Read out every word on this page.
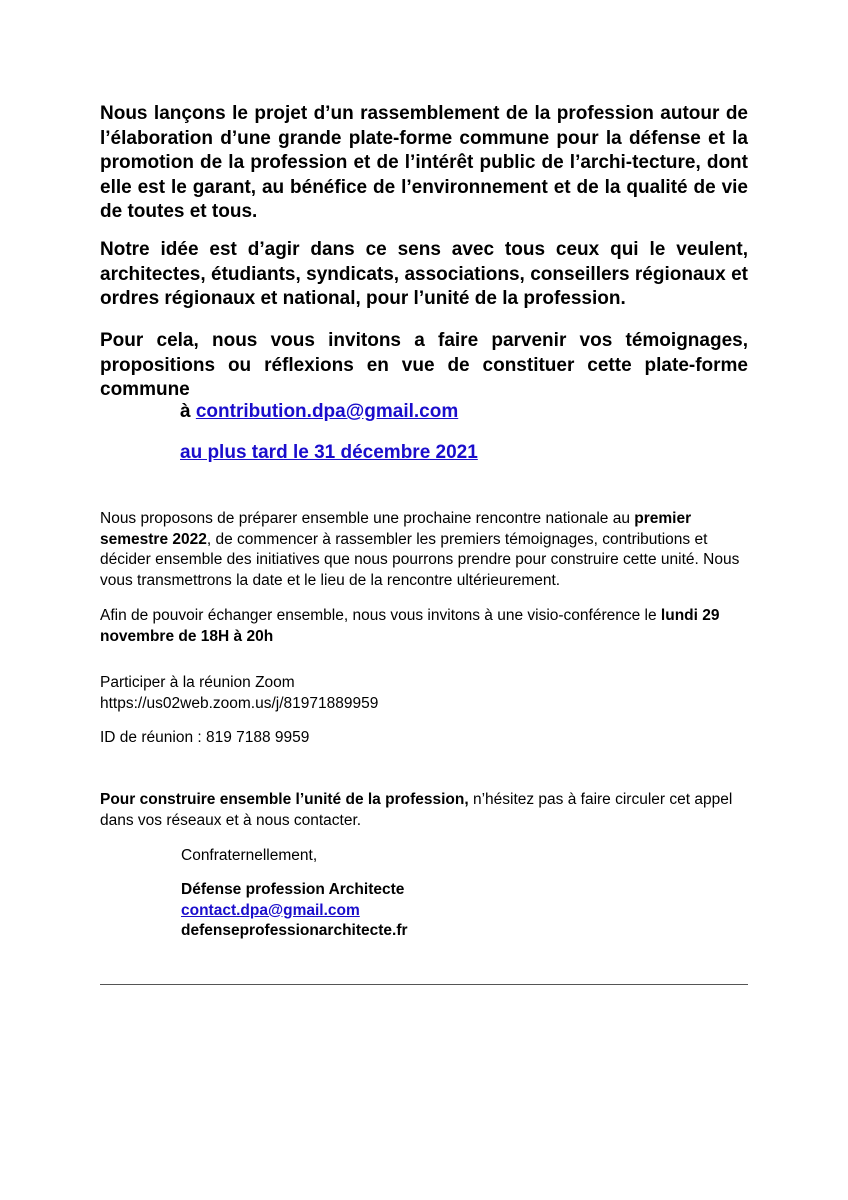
Nous lançons le projet d’un rassemblement de la profession autour de l’élaboration d’une grande plate-forme commune pour la défense et la promotion de la profession et de l’intérêt public de l’archi-tecture, dont elle est le garant, au bénéfice de l’environnement et de la qualité de vie de toutes et tous.

Notre idée est d’agir dans ce sens avec tous ceux qui le veulent, architectes, étudiants, syndicats, associations, conseillers régionaux et ordres régionaux et national, pour l’unité de la profession.

Pour cela, nous vous invitons a faire parvenir vos témoignages, propositions ou réflexions en vue de constituer cette plate-forme commune

à contribution.dpa@gmail.com
au plus tard le 31 décembre 2021

Nous proposons de préparer ensemble une prochaine rencontre nationale au premier semestre 2022, de commencer à rassembler les premiers témoignages, contributions et décider ensemble des initiatives que nous pourrons prendre pour construire cette unité. Nous vous transmettrons la date et le lieu de la rencontre ultérieurement.

Afin de pouvoir échanger ensemble, nous vous invitons à une visio-conférence le lundi 29 novembre de 18H à 20h

Participer à la réunion Zoom
https://us02web.zoom.us/j/81971889959
ID de réunion : 819 7188 9959

Pour construire ensemble l’unité de la profession, n’hésitez pas à faire circuler cet appel dans vos réseaux et à nous contacter.

Confraternellement,
Défense profession Architecte
contact.dpa@gmail.com
defenseprofessionarchitecte.fr
